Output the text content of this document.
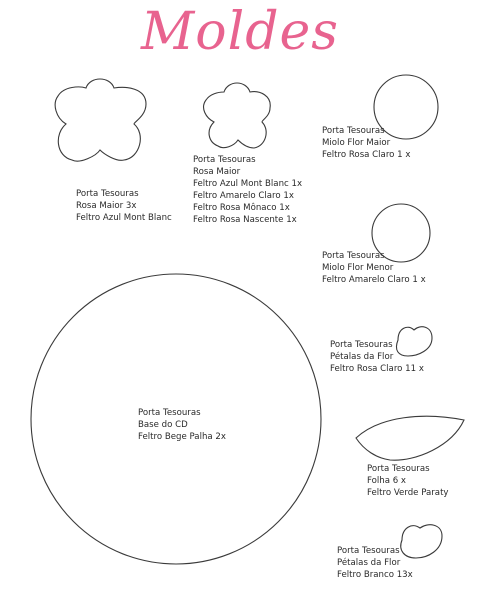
Moldes
Porta Tesouras
Rosa Maior 3x
Feltro Azul Mont Blanc
Porta Tesouras
Rosa Maior
Feltro Azul Mont Blanc 1x
Feltro Amarelo Claro 1x
Feltro Rosa Mônaco 1x
Feltro Rosa Nascente 1x
Porta Tesouras
Miolo Flor Maior
Feltro Rosa Claro 1 x
Porta Tesouras
Miolo Flor Menor
Feltro Amarelo Claro 1 x
Porta Tesouras
Pétalas da Flor
Feltro Rosa Claro 11 x
Porta Tesouras
Base do CD
Feltro Bege Palha 2x
Porta Tesouras
Folha 6 x
Feltro Verde Paraty
Porta Tesouras
Pétalas da Flor
Feltro Branco 13x
